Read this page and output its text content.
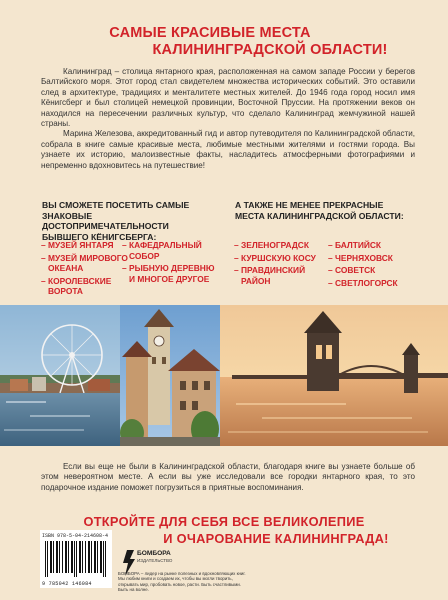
САМЫЕ КРАСИВЫЕ МЕСТА
КАЛИНИНГРАДСКОЙ ОБЛАСТИ!

Калининград – столица янтарного края, расположенная на самом западе России у берегов Балтийского моря. Этот город стал свидетелем множества исторических событий. Это оставили след в архитектуре, традициях и менталитете местных жителей. До 1946 года город носил имя Кёнигсберг и был столицей немецкой провинции, Восточной Пруссии. На протяжении веков он находился на пересечении различных культур, что сделало Калининград жемчужиной нашей страны.

Марина Железова, аккредитованный гид и автор путеводителя по Калининградской области, собрала в книге самые красивые места, любимые местными жителями и гостями города. Вы узнаете их историю, малоизвестные факты, насладитесь атмосферными фотографиями и непременно вдохновитесь на путешествие!

ВЫ СМОЖЕТЕ ПОСЕТИТЬ САМЫЕ ЗНАКОВЫЕ ДОСТОПРИМЕЧАТЕЛЬНОСТИ БЫВШЕГО КЁНИГСБЕРГА:
– МУЗЕЙ ЯНТАРЯ
– МУЗЕЙ МИРОВОГО ОКЕАНА
– КОРОЛЕВСКИЕ ВОРОТА
– КАФЕДРАЛЬНЫЙ СОБОР
– РЫБНУЮ ДЕРЕВНЮ И МНОГОЕ ДРУГОЕ
А ТАКЖЕ НЕ МЕНЕЕ ПРЕКРАСНЫЕ МЕСТА КАЛИНИНГРАДСКОЙ ОБЛАСТИ:
– ЗЕЛЕНОГРАДСК
– КУРШСКУЮ КОСУ
– ПРАВДИНСКИЙ РАЙОН
– БАЛТИЙСК
– ЧЕРНЯХОВСК
– СОВЕТСК
– СВЕТЛОГОРСК

Если вы еще не были в Калининградской области, благодаря книге вы узнаете больше об этом невероятном месте. А если вы уже исследовали все городки янтарного края, то это подарочное издание поможет погрузиться в приятные воспоминания.

ОТКРОЙТЕ ДЛЯ СЕБЯ ВСЕ ВЕЛИКОЛЕПИЕ
И ОЧАРОВАНИЕ КАЛИНИНГРАДА!
ISBN 978-5-04-214608-4
9 785042 146084
БОМБОРА
ИЗДАТЕЛЬСТВО
БОМБОРА – лидер на рынке полезных и вдохновляющих книг. Мы любим книги и создаем их, чтобы вы могли творить, открывать мир, пробовать новое, расти. Быть счастливыми. Быть на волне.
